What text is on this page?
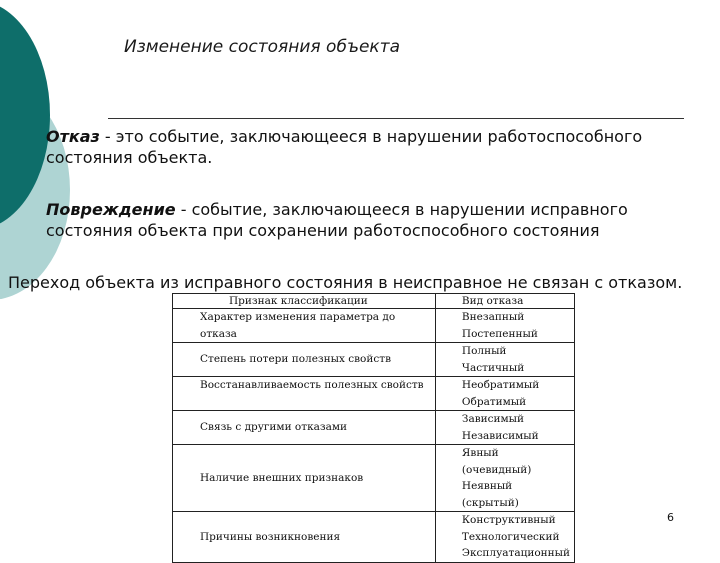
Изменение состояния объекта
Отказ - это событие, заключающееся в нарушении работоспособного состояния объекта.
Повреждение - событие, заключающееся в нарушении исправного состояния объекта при сохранении работоспособного состояния
Переход объекта из исправного состояния в неисправное не связан с отказом.
Признак классификации	Вид отказа
Характер изменения параметра до отказа	Внезапный
Постепенный

Степень потери полезных свойств	Полный
Частичный

Восстанавливаемость полезных свойств	Необратимый
Обратимый

Связь с другими отказами	Зависимый
Независимый

Наличие внешних признаков	Явный (очевидный)
Неявный (скрытый)

Причины возникновения	Конструктивный
Технологический
Эксплуатационный
6
